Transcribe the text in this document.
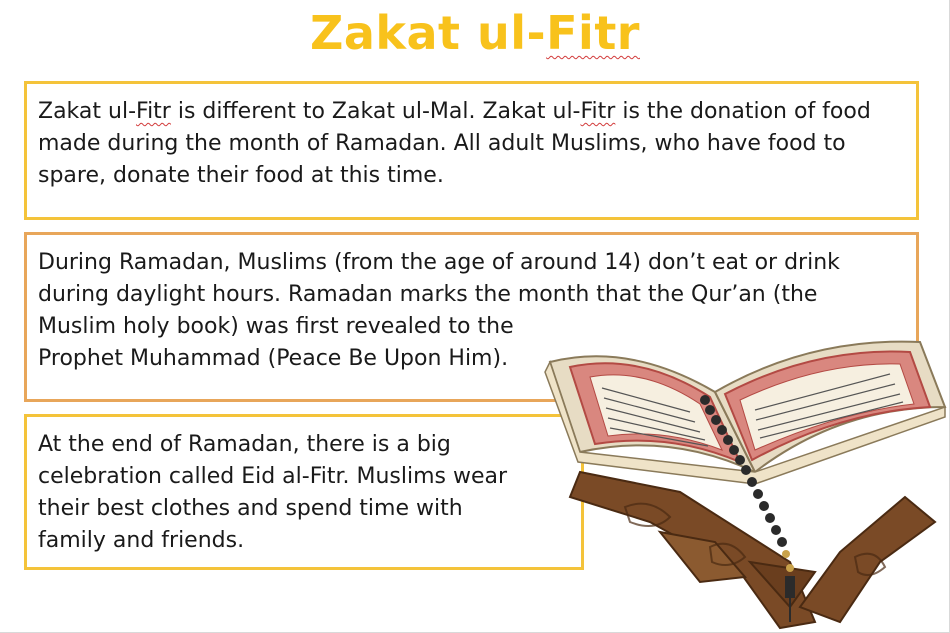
Zakat ul-Fitr

Zakat ul-Fitr is different to Zakat ul-Mal. Zakat ul-Fitr is the donation of food made during the month of Ramadan. All adult Muslims, who have food to spare, donate their food at this time.

During Ramadan, Muslims (from the age of around 14) don’t eat or drink

during daylight hours. Ramadan marks the month that the Qur’an (the

Muslim holy book) was first revealed to the

Prophet Muhammad (Peace Be Upon Him).

At the end of Ramadan, there is a big

celebration called Eid al-Fitr. Muslims wear

their best clothes and spend time with

family and friends.
